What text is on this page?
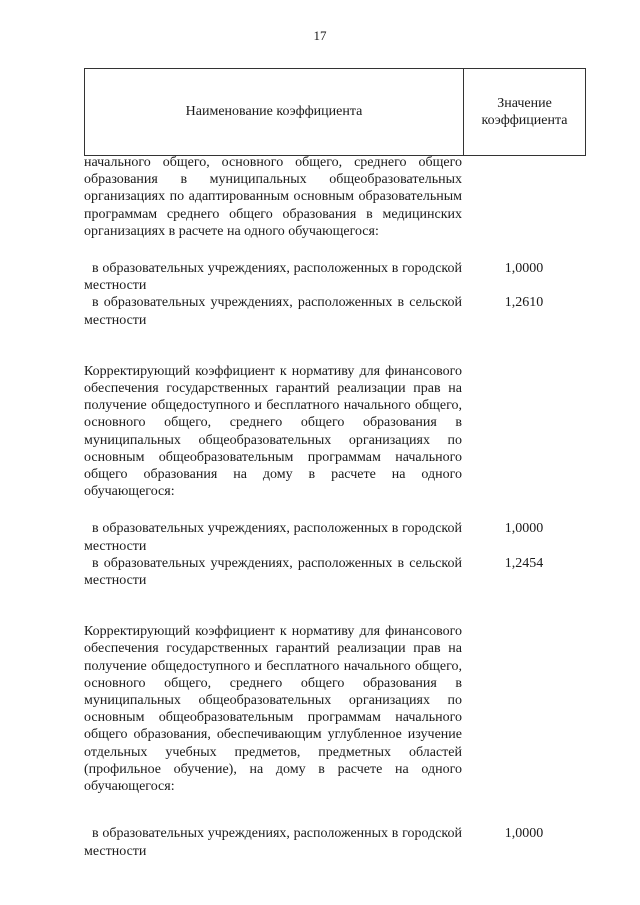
17
Наименование коэффициента
Значение коэффициента

начального общего, основного общего, среднего общего образования в муниципальных общеобразовательных организациях по адаптированным основным образовательным программам среднего общего образования в медицинских организациях в расчете на одного обучающегося:

в образовательных учреждениях, расположенных в городской местности
1,0000
в образовательных учреждениях, расположенных в сельской местности
1,2610

Корректирующий коэффициент к нормативу для финансового обеспечения государственных гарантий реализации прав на получение общедоступного и бесплатного начального общего, основного общего, среднего общего образования в муниципальных общеобразовательных организациях по основным общеобразовательным программам начального общего образования на дому в расчете на одного обучающегося:

в образовательных учреждениях, расположенных в городской местности
1,0000
в образовательных учреждениях, расположенных в сельской местности
1,2454

Корректирующий коэффициент к нормативу для финансового обеспечения государственных гарантий реализации прав на получение общедоступного и бесплатного начального общего, основного общего, среднего общего образования в муниципальных общеобразовательных организациях по основным общеобразовательным программам начального общего образования, обеспечивающим углубленное изучение отдельных учебных предметов, предметных областей (профильное обучение), на дому в расчете на одного обучающегося:

в образовательных учреждениях, расположенных в городской местности
1,0000
